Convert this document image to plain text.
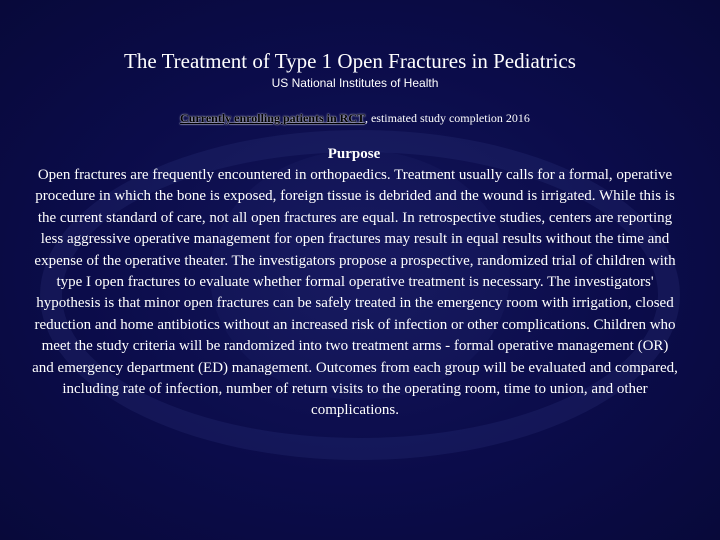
The Treatment of Type 1 Open Fractures in Pediatrics
US National Institutes of Health
Currently enrolling patients in RCT, estimated study completion 2016
Purpose

Open fractures are frequently encountered in orthopaedics. Treatment usually calls for a formal, operative procedure in which the bone is exposed, foreign tissue is debrided and the wound is irrigated. While this is the current standard of care, not all open fractures are equal. In retrospective studies, centers are reporting less aggressive operative management for open fractures may result in equal results without the time and expense of the operative theater. The investigators propose a prospective, randomized trial of children with type I open fractures to evaluate whether formal operative treatment is necessary. The investigators' hypothesis is that minor open fractures can be safely treated in the emergency room with irrigation, closed reduction and home antibiotics without an increased risk of infection or other complications. Children who meet the study criteria will be randomized into two treatment arms - formal operative management (OR) and emergency department (ED) management. Outcomes from each group will be evaluated and compared, including rate of infection, number of return visits to the operating room, time to union, and other complications.
